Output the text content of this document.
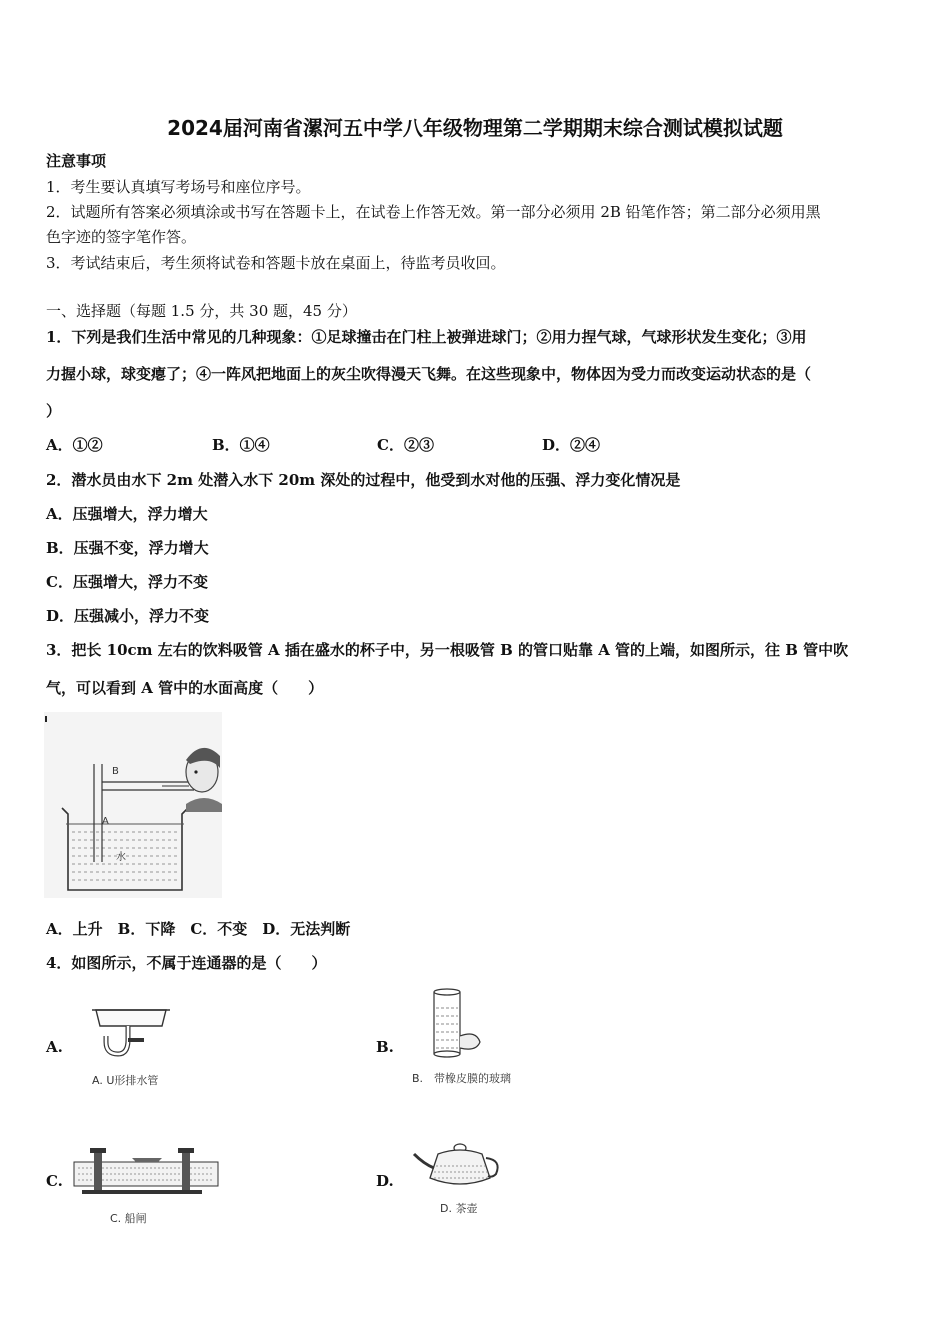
2024届河南省漯河五中学八年级物理第二学期期末综合测试模拟试题
注意事项
1．考生要认真填写考场号和座位序号。
2．试题所有答案必须填涂或书写在答题卡上，在试卷上作答无效。第一部分必须用 2B 铅笔作答；第二部分必须用黑
色字迹的签字笔作答。
3．考试结束后，考生须将试卷和答题卡放在桌面上，待监考员收回。
一、选择题（每题 1.5 分，共 30 题，45 分）
1．下列是我们生活中常见的几种现象：①足球撞击在门柱上被弹进球门；②用力捏气球，气球形状发生变化；③用
力握小球，球变瘪了；④一阵风把地面上的灰尘吹得漫天飞舞。在这些现象中，物体因为受力而改变运动状态的是（
）
A．①②	B．①④	C．②③	D．②④
2．潜水员由水下 2m 处潜入水下 20m 深处的过程中，他受到水对他的压强、浮力变化情况是
A．压强增大，浮力增大
B．压强不变，浮力增大
C．压强增大，浮力不变
D．压强减小，浮力不变
3．把长 10cm 左右的饮料吸管 A 插在盛水的杯子中，另一根吸管 B 的管口贴靠 A 管的上端，如图所示，往 B 管中吹
气，可以看到 A 管中的水面高度（　　）
B
A
水
A．上升　B．下降　C．不变　D．无法判断
4．如图所示，不属于连通器的是（　　）
A.
A. U形排水管
B.
B.　带橡皮膜的玻璃
C.
C. 船闸
D.
D. 茶壶
